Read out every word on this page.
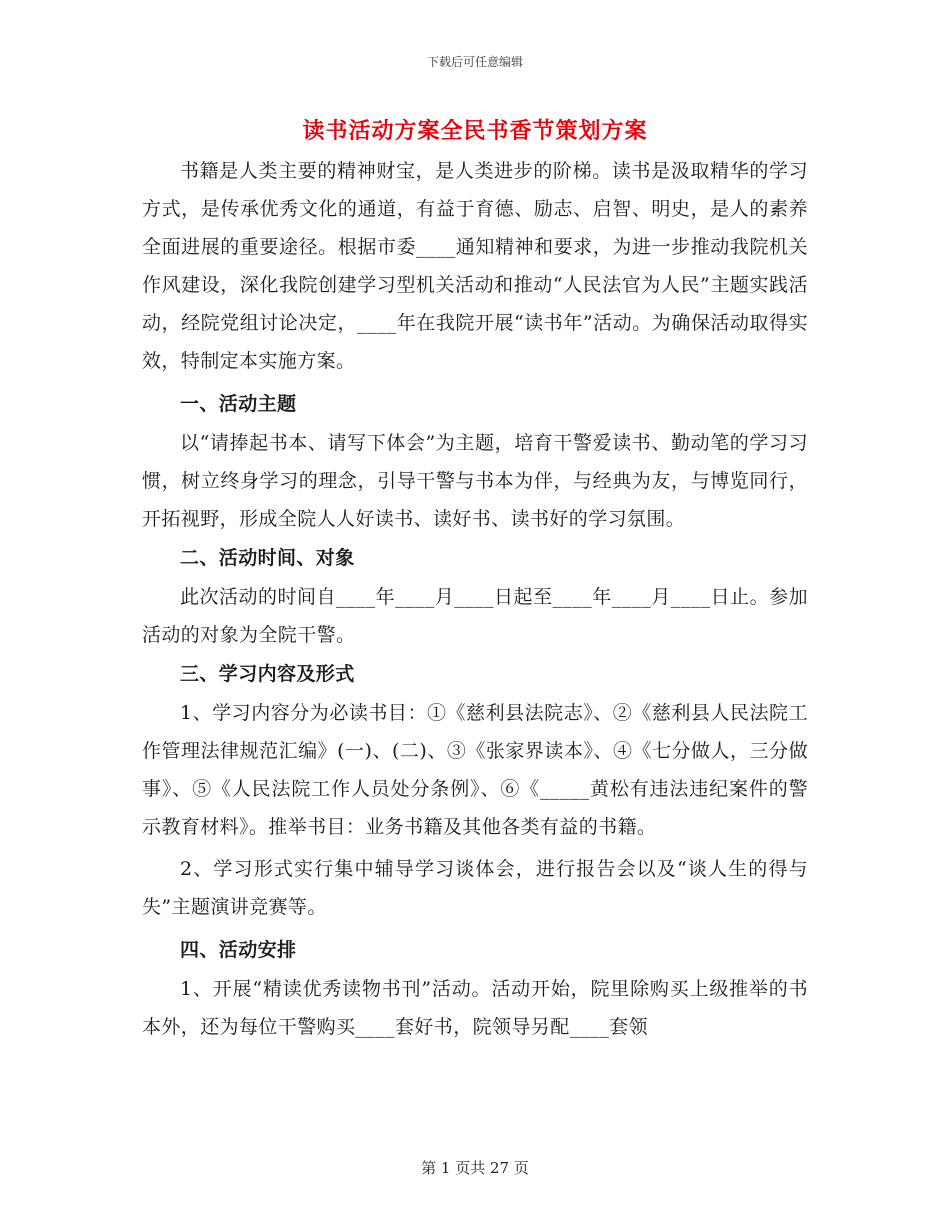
下载后可任意编辑
读书活动方案全民书香节策划方案

书籍是人类主要的精神财宝，是人类进步的阶梯。读书是汲取精华的学习方式，是传承优秀文化的通道，有益于育德、励志、启智、明史，是人的素养全面进展的重要途径。根据市委____通知精神和要求，为进一步推动我院机关作风建设，深化我院创建学习型机关活动和推动“人民法官为人民”主题实践活动，经院党组讨论决定，____年在我院开展“读书年”活动。为确保活动取得实效，特制定本实施方案。

一、活动主题

以“请捧起书本、请写下体会”为主题，培育干警爱读书、勤动笔的学习习惯，树立终身学习的理念，引导干警与书本为伴，与经典为友，与博览同行，开拓视野，形成全院人人好读书、读好书、读书好的学习氛围。

二、活动时间、对象

此次活动的时间自____年____月____日起至____年____月____日止。参加活动的对象为全院干警。

三、学习内容及形式

1、学习内容分为必读书目：①《慈利县法院志》、②《慈利县人民法院工作管理法律规范汇编》(一)、(二)、③《张家界读本》、④《七分做人，三分做事》、⑤《人民法院工作人员处分条例》、⑥《_____黄松有违法违纪案件的警示教育材料》。推举书目：业务书籍及其他各类有益的书籍。

2、学习形式实行集中辅导学习谈体会，进行报告会以及“谈人生的得与失”主题演讲竞赛等。

四、活动安排

1、开展“精读优秀读物书刊”活动。活动开始，院里除购买上级推举的书本外，还为每位干警购买____套好书，院领导另配____套领

第 1 页共 27 页
